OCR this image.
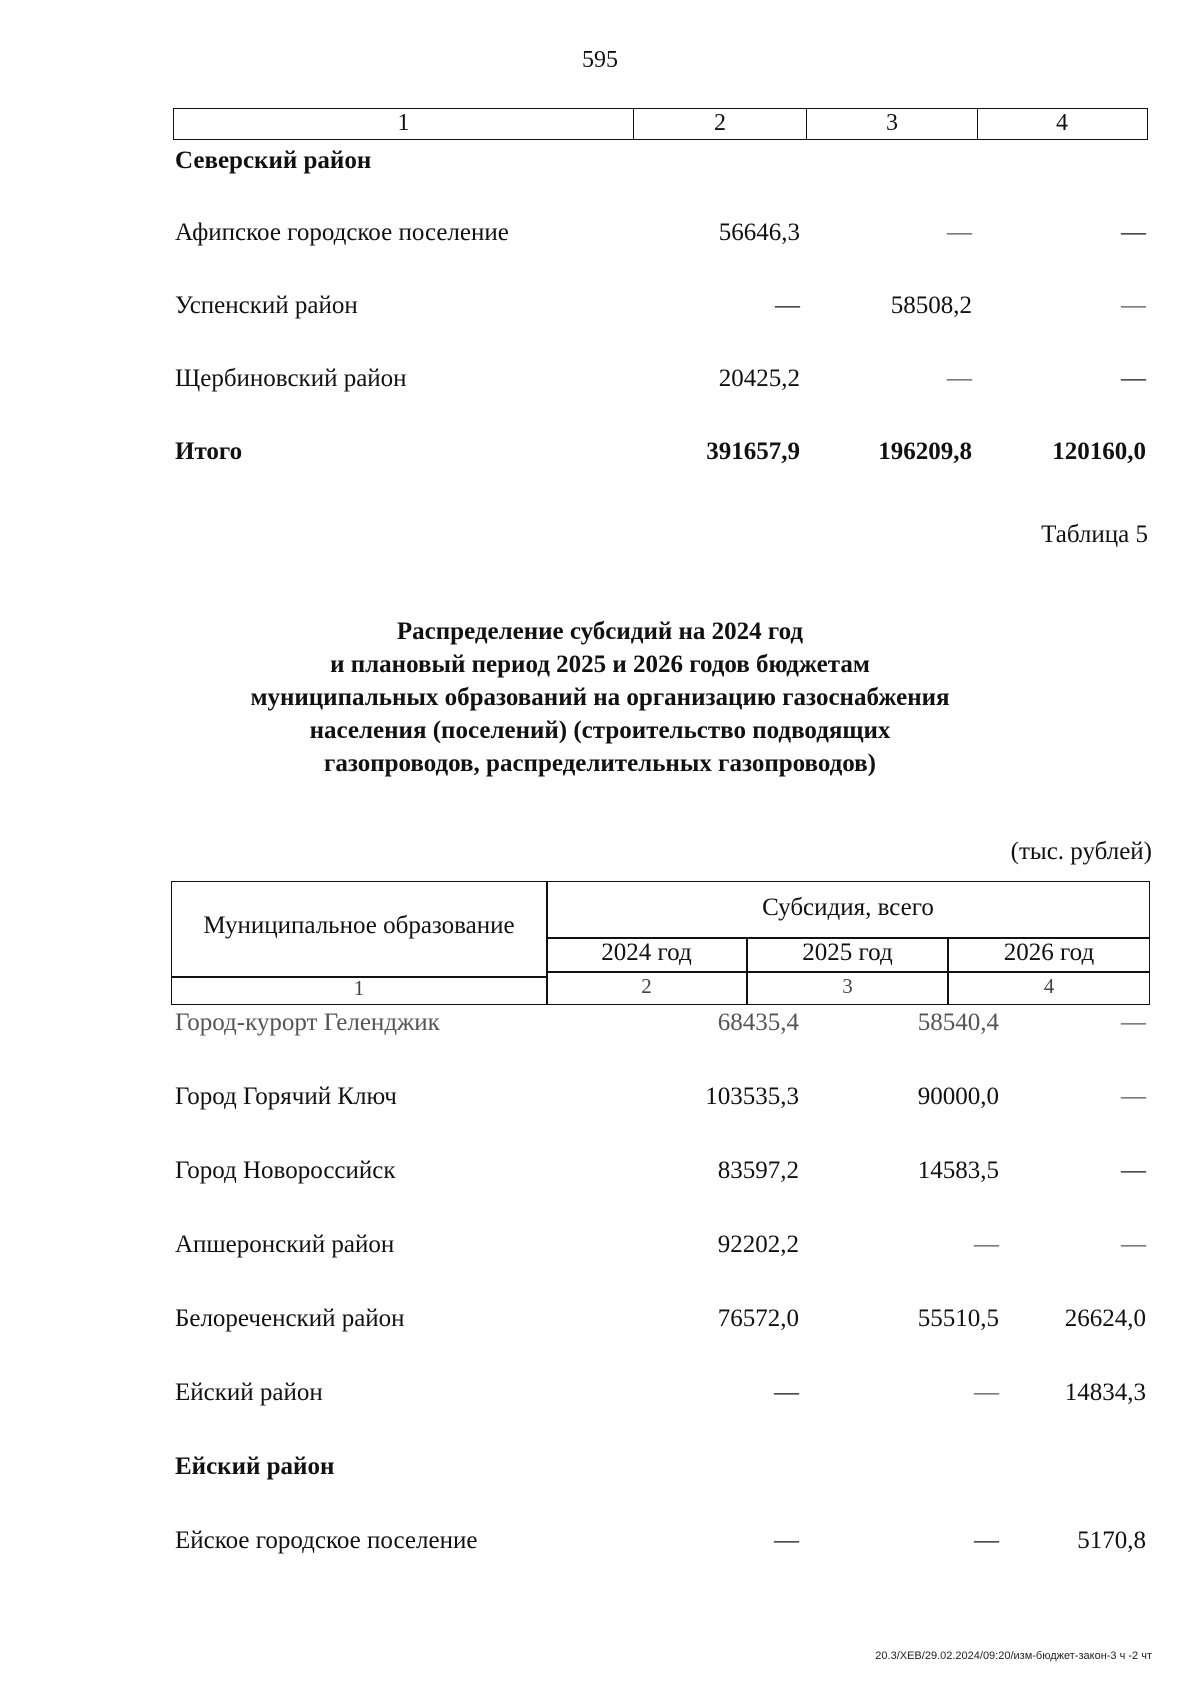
595
1	2	3	4
Северский район
Афипское городское поселение	56646,3	—	—
Успенский район	—	58508,2	—
Щербиновский район	20425,2	—	—
Итого	391657,9	196209,8	120160,0
Таблица 5
Распределение субсидий на 2024 год
и плановый период 2025 и 2026 годов бюджетам
муниципальных образований на организацию газоснабжения
населения (поселений) (строительство подводящих
газопроводов, распределительных газопроводов)
(тыс. рублей)
Муниципальное образование
Субсидия, всего
2024 год	2025 год	2026 год
1	2	3	4
Город-курорт Геленджик	68435,4	58540,4	—
Город Горячий Ключ	103535,3	90000,0	—
Город Новороссийск	83597,2	14583,5	—
Апшеронский район	92202,2	—	—
Белореченский район	76572,0	55510,5	26624,0
Ейский район	—	—	14834,3
Ейский район
Ейское городское поселение	—	—	5170,8
20.3/ХЕВ/29.02.2024/09:20/изм-бюджет-закон-3 ч -2 чт
